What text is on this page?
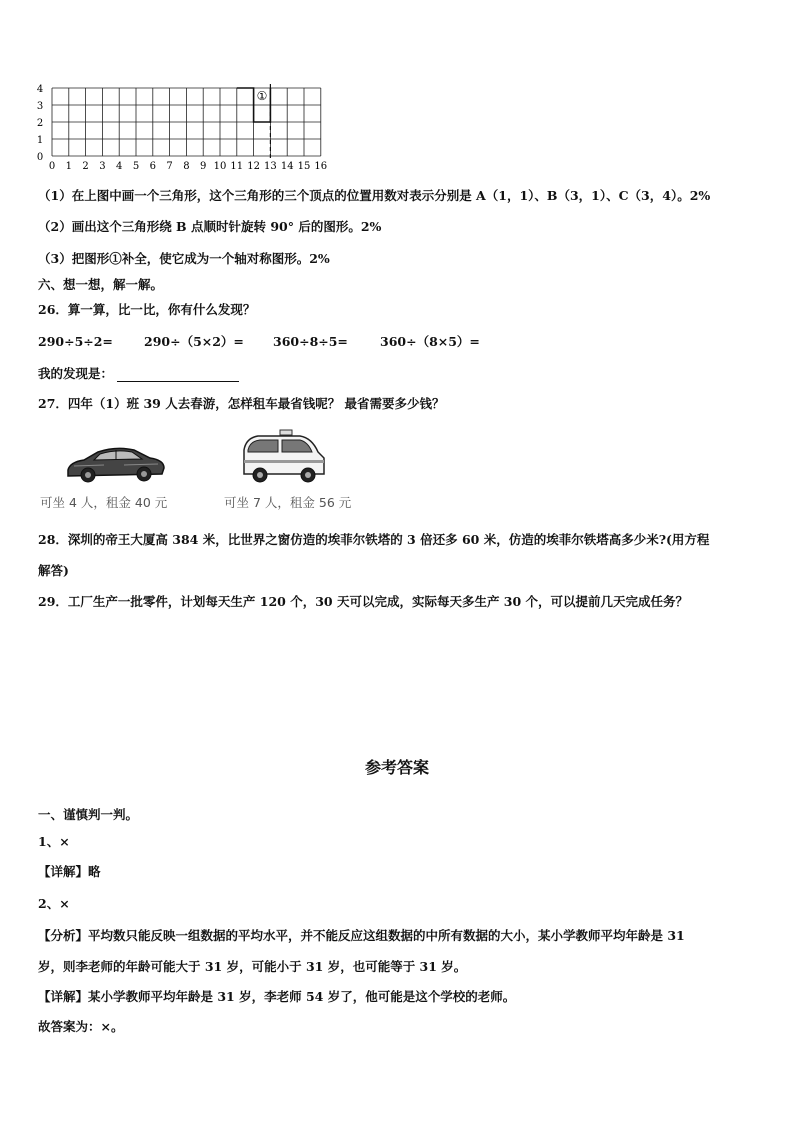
0 1 2 3 4 5 6 7 8 9 10 11 12 13 14 15 16
0
1
2
3
4	①
（1）在上图中画一个三角形，这个三角形的三个顶点的位置用数对表示分别是 A（1，1）、B（3，1）、C（3，4）。2%
（2）画出这个三角形绕 B 点顺时针旋转 90° 后的图形。2%
（3）把图形①补全，使它成为一个轴对称图形。2%
六、想一想，解一解。
26．算一算，比一比，你有什么发现？
290÷5÷2= 290÷（5×2）= 360÷8÷5=	360÷（8×5）=
我的发现是：
27．四年（1）班 39 人去春游，怎样租车最省钱呢？ 最省需要多少钱？
可坐 4 人，租金 40 元	可坐 7 人，租金 56 元
28．深圳的帝王大厦高 384 米，比世界之窗仿造的埃菲尔铁塔的 3 倍还多 60 米，仿造的埃菲尔铁塔高多少米?(用方程
解答)
29．工厂生产一批零件，计划每天生产 120 个，30 天可以完成，实际每天多生产 30 个，可以提前几天完成任务？
参考答案
一、谨慎判一判。
1、×
【详解】略
2、×
【分析】平均数只能反映一组数据的平均水平，并不能反应这组数据的中所有数据的大小，某小学教师平均年龄是 31
岁，则李老师的年龄可能大于 31 岁，可能小于 31 岁，也可能等于 31 岁。
【详解】某小学教师平均年龄是 31 岁，李老师 54 岁了，他可能是这个学校的老师。
故答案为：×。
